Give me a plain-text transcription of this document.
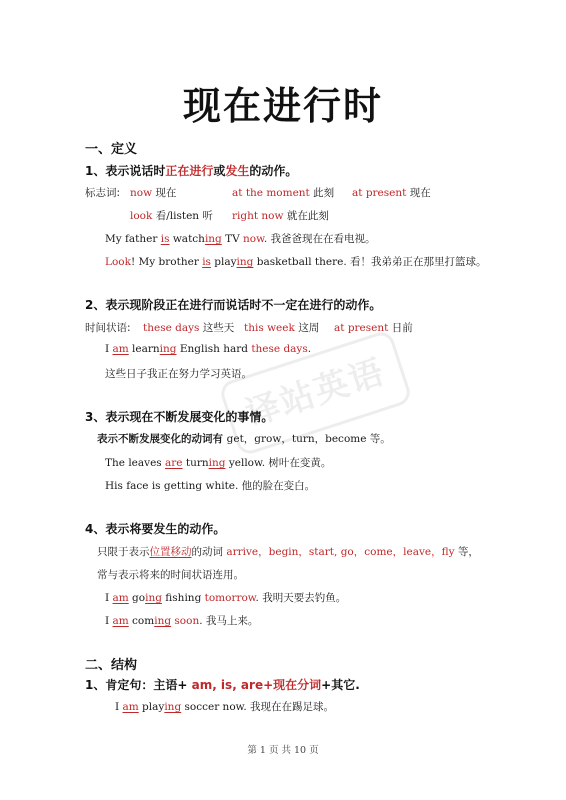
译站英语
现在进行时
一、定义
1、表示说话时正在进行或发生的动作。
标志词: now 现在	at the moment 此刻 at present 现在
look 看/listen 听 right now 就在此刻
My father is watching TV now. 我爸爸现在在看电视。
Look! My brother is playing basketball there. 看！我弟弟正在那里打篮球。
2、表示现阶段正在进行而说话时不一定在进行的动作。
时间状语: these days 这些天 this week 这周 at present 日前
I am learning English hard these days.
这些日子我正在努力学习英语。
3、表示现在不断发展变化的事情。
表示不断发展变化的动词有 get，grow，turn，become 等。
The leaves are turning yellow. 树叶在变黄。
His face is getting white. 他的脸在变白。
4、表示将要发生的动作。
只限于表示位置移动的动词 arrive，begin，start, go，come，leave，fly 等，
常与表示将来的时间状语连用。
I am going fishing tomorrow. 我明天要去钓鱼。
I am coming soon. 我马上来。
二、结构
1、肯定句：主语+ am, is, are+现在分词+其它.
I am playing soccer now. 我现在在踢足球。
第 1 页 共 10 页
